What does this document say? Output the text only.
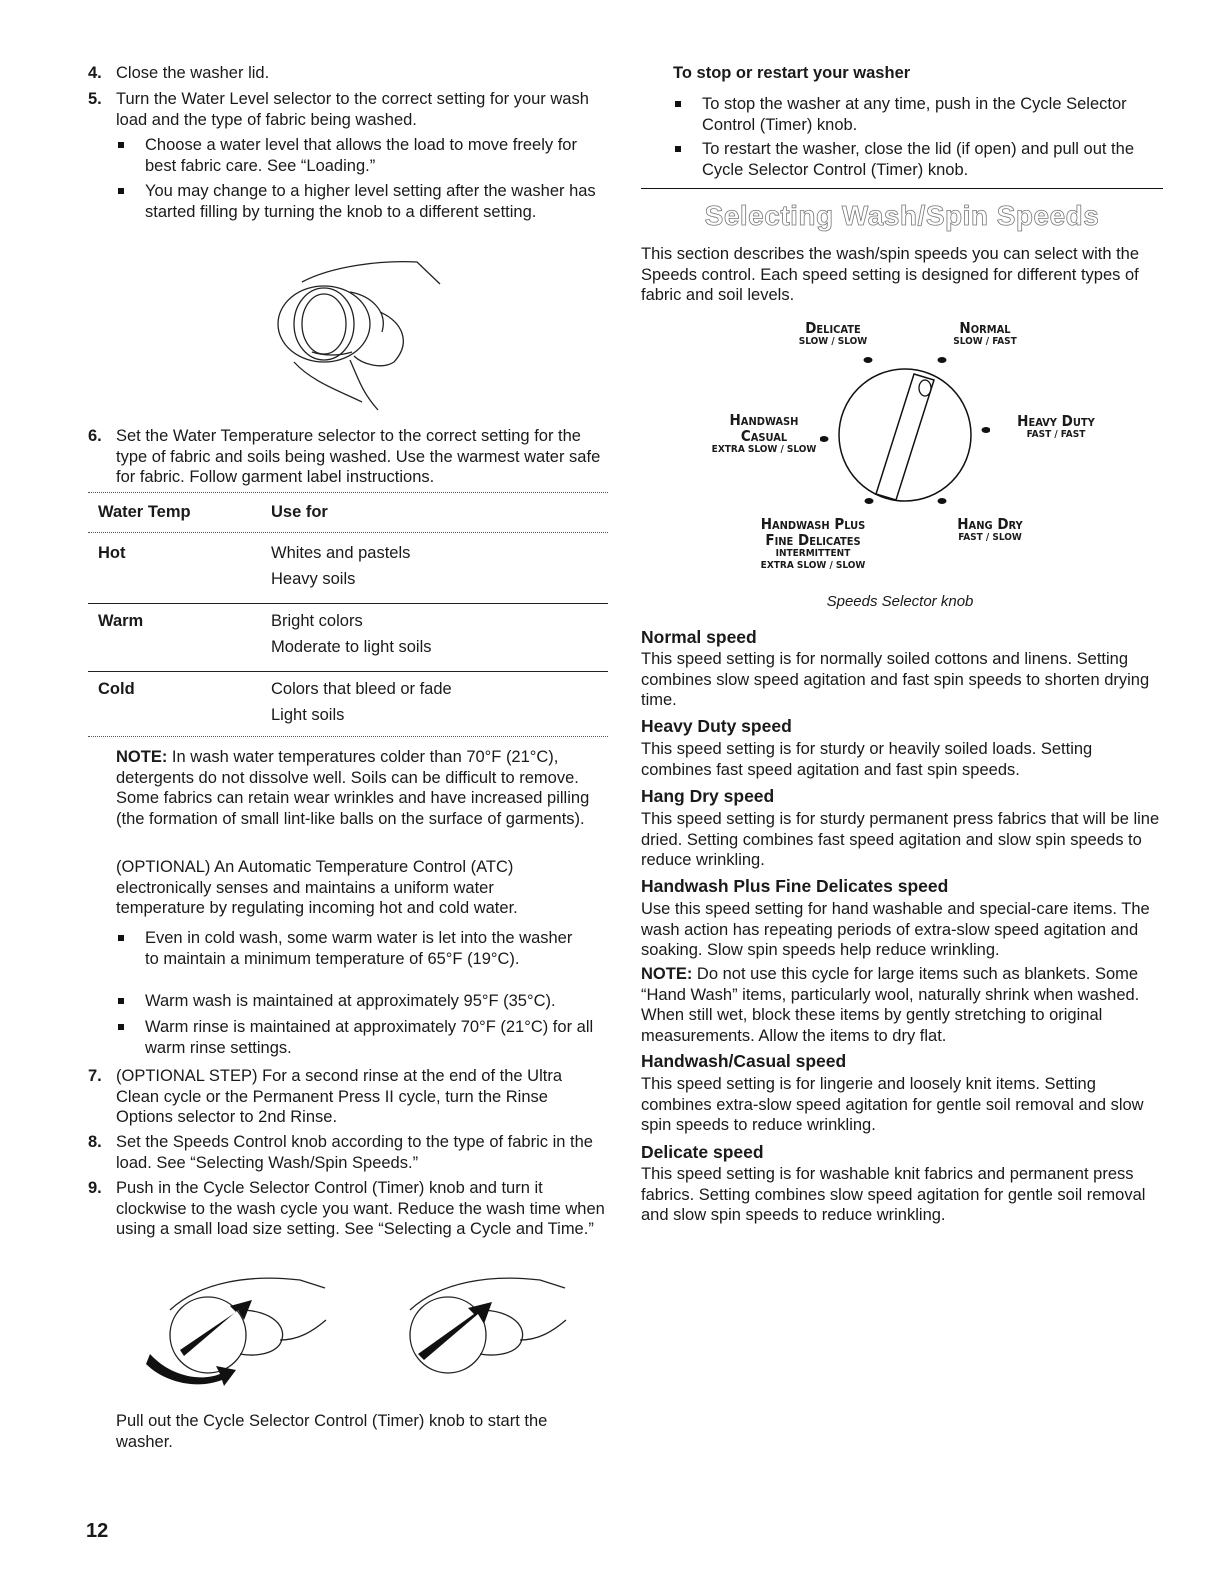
4. Close the washer lid.
5. Turn the Water Level selector to the correct setting for your wash load and the type of fabric being washed.
Choose a water level that allows the load to move freely for best fabric care. See “Loading.”
You may change to a higher level setting after the washer has started filling by turning the knob to a different setting.
6. Set the Water Temperature selector to the correct setting for the type of fabric and soils being washed. Use the warmest water safe for fabric. Follow garment label instructions.
Water Temp	Use for
Hot	Whites and pastels
Heavy soils
Warm	Bright colors
Moderate to light soils
Cold	Colors that bleed or fade
Light soils
NOTE: In wash water temperatures colder than 70°F (21°C), detergents do not dissolve well. Soils can be difficult to remove. Some fabrics can retain wear wrinkles and have increased pilling (the formation of small lint-like balls on the surface of garments).
(OPTIONAL) An Automatic Temperature Control (ATC) electronically senses and maintains a uniform water temperature by regulating incoming hot and cold water.
Even in cold wash, some warm water is let into the washer to maintain a minimum temperature of 65°F (19°C).
Warm wash is maintained at approximately 95°F (35°C).
Warm rinse is maintained at approximately 70°F (21°C) for all warm rinse settings.
7. (OPTIONAL STEP) For a second rinse at the end of the Ultra Clean cycle or the Permanent Press II cycle, turn the Rinse Options selector to 2nd Rinse.
8. Set the Speeds Control knob according to the type of fabric in the load. See “Selecting Wash/Spin Speeds.”
9. Push in the Cycle Selector Control (Timer) knob and turn it clockwise to the wash cycle you want. Reduce the wash time when using a small load size setting. See “Selecting a Cycle and Time.”
Pull out the Cycle Selector Control (Timer) knob to start the washer.
12
To stop or restart your washer
To stop the washer at any time, push in the Cycle Selector Control (Timer) knob.
To restart the washer, close the lid (if open) and pull out the Cycle Selector Control (Timer) knob.
Selecting Wash/Spin Speeds
This section describes the wash/spin speeds you can select with the Speeds control. Each speed setting is designed for different types of fabric and soil levels.
Delicate
SLOW / SLOW
Normal
SLOW / FAST
Handwash
Casual
EXTRA SLOW / SLOW
Heavy Duty
FAST / FAST
Handwash Plus
Fine Delicates
INTERMITTENT
EXTRA SLOW / SLOW
Hang Dry
FAST / SLOW
Speeds Selector knob
Normal speed
This speed setting is for normally soiled cottons and linens. Setting combines slow speed agitation and fast spin speeds to shorten drying time.
Heavy Duty speed
This speed setting is for sturdy or heavily soiled loads. Setting combines fast speed agitation and fast spin speeds.
Hang Dry speed
This speed setting is for sturdy permanent press fabrics that will be line dried. Setting combines fast speed agitation and slow spin speeds to reduce wrinkling.
Handwash Plus Fine Delicates speed
Use this speed setting for hand washable and special-care items. The wash action has repeating periods of extra-slow speed agitation and soaking. Slow spin speeds help reduce wrinkling.
NOTE: Do not use this cycle for large items such as blankets. Some “Hand Wash” items, particularly wool, naturally shrink when washed. When still wet, block these items by gently stretching to original measurements. Allow the items to dry flat.
Handwash/Casual speed
This speed setting is for lingerie and loosely knit items. Setting combines extra-slow speed agitation for gentle soil removal and slow spin speeds to reduce wrinkling.
Delicate speed
This speed setting is for washable knit fabrics and permanent press fabrics. Setting combines slow speed agitation for gentle soil removal and slow spin speeds to reduce wrinkling.
